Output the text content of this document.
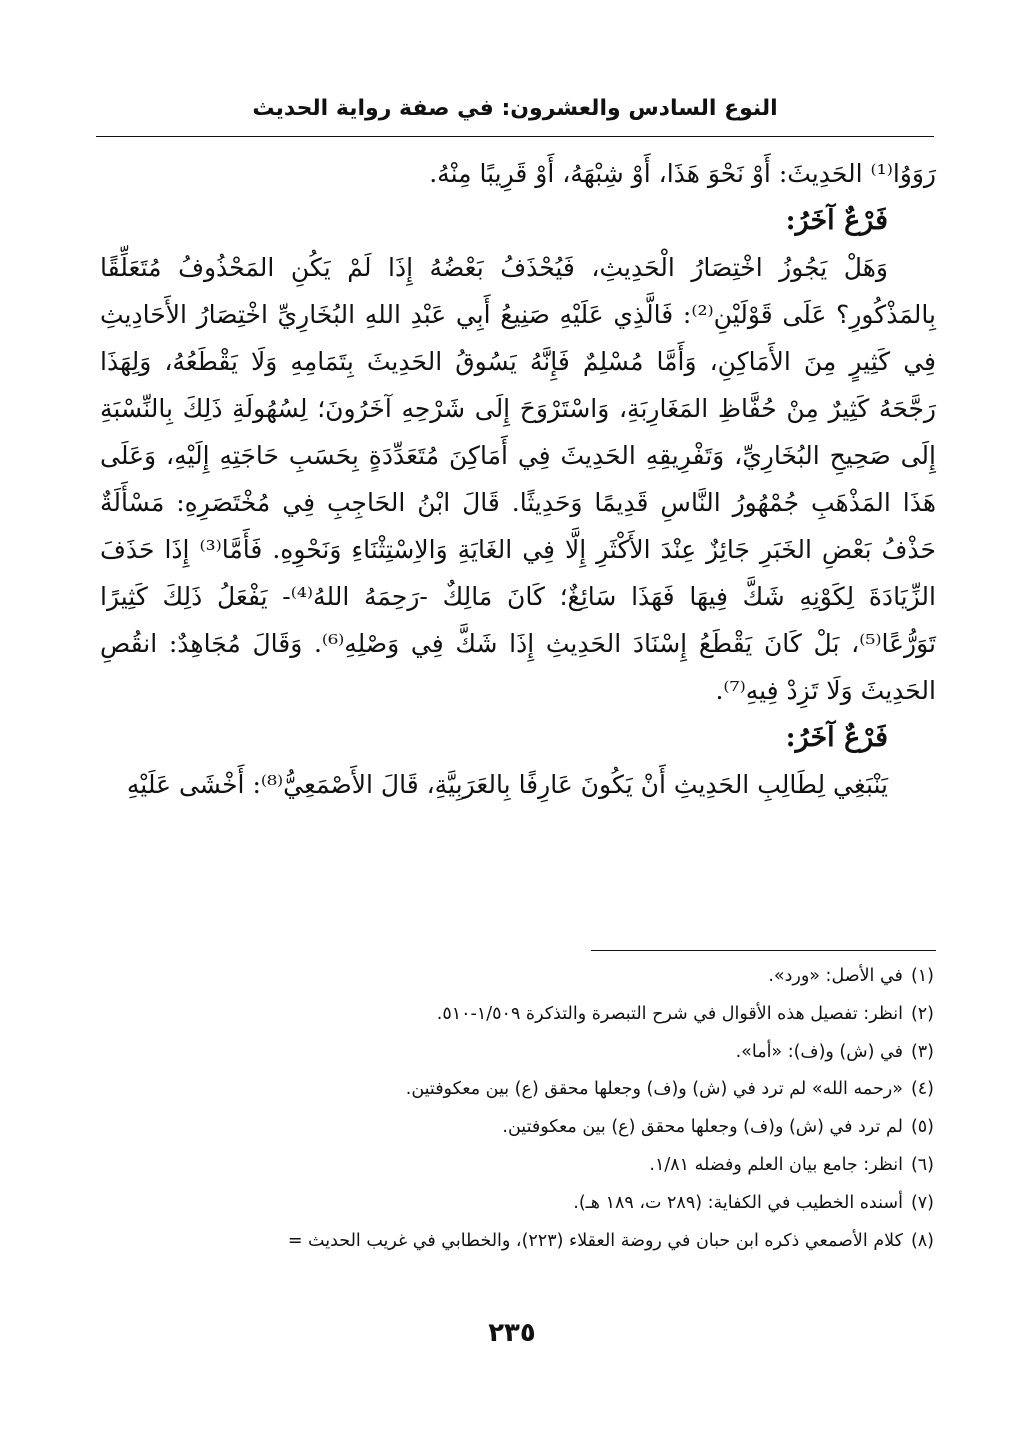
النوع السادس والعشرون: في صفة رواية الحديث

رَوَوُا⁽¹⁾ الحَدِيثَ: أَوْ نَحْوَ هَذَا، أَوْ شِبْهَهُ، أَوْ قَرِيبًا مِنْهُ.

فَرْعٌ آخَرُ:

وَهَلْ يَجُوزُ اخْتِصَارُ الْحَدِيثِ، فَيُحْذَفُ بَعْضُهُ إِذَا لَمْ يَكُنِ المَحْذُوفُ مُتَعَلِّقًا بِالمَذْكُورِ؟ عَلَى قَوْلَيْنِ⁽²⁾: فَالَّذِي عَلَيْهِ صَنِيعُ أَبِي عَبْدِ اللهِ البُخَارِيِّ اخْتِصَارُ الأَحَادِيثِ فِي كَثِيرٍ مِنَ الأَمَاكِنِ، وَأَمَّا مُسْلِمٌ فَإِنَّهُ يَسُوقُ الحَدِيثَ بِتَمَامِهِ وَلَا يَقْطَعُهُ، وَلِهَذَا رَجَّحَهُ كَثِيرٌ مِنْ حُفَّاظِ المَغَارِبَةِ، وَاسْتَرْوَحَ إِلَى شَرْحِهِ آخَرُونَ؛ لِسُهُولَةِ ذَلِكَ بِالنِّسْبَةِ إِلَى صَحِيحِ البُخَارِيِّ، وَتَفْرِيقِهِ الحَدِيثَ فِي أَمَاكِنَ مُتَعَدِّدَةٍ بِحَسَبِ حَاجَتِهِ إِلَيْهِ، وَعَلَى هَذَا المَذْهَبِ جُمْهُورُ النَّاسِ قَدِيمًا وَحَدِيثًا. قَالَ ابْنُ الحَاجِبِ فِي مُخْتَصَرِهِ: مَسْأَلَةٌ حَذْفُ بَعْضِ الخَبَرِ جَائِزٌ عِنْدَ الأَكْثَرِ إِلَّا فِي الغَايَةِ وَالاِسْتِثْنَاءِ وَنَحْوِهِ. فَأَمَّا⁽³⁾ إِذَا حَذَفَ الزِّيَادَةَ لِكَوْنِهِ شَكَّ فِيهَا فَهَذَا سَائِغٌ؛ كَانَ مَالِكٌ -رَحِمَهُ اللهُ⁽⁴⁾- يَفْعَلُ ذَلِكَ كَثِيرًا تَوَرُّعًا⁽⁵⁾، بَلْ كَانَ يَقْطَعُ إِسْنَادَ الحَدِيثِ إِذَا شَكَّ فِي وَصْلِهِ⁽⁶⁾. وَقَالَ مُجَاهِدٌ: انقُصِ الحَدِيثَ وَلَا تَزِدْ فِيهِ⁽⁷⁾.

فَرْعٌ آخَرُ:

يَنْبَغِي لِطَالِبِ الحَدِيثِ أَنْ يَكُونَ عَارِفًا بِالعَرَبِيَّةِ، قَالَ الأَصْمَعِيُّ⁽⁸⁾: أَخْشَى عَلَيْهِ

(١)في الأصل: «ورد».

(٢)انظر: تفصيل هذه الأقوال في شرح التبصرة والتذكرة ١/٥٠٩-٥١٠.

(٣)في (ش) و(ف): «أما».

(٤)«رحمه الله» لم ترد في (ش) و(ف) وجعلها محقق (ع) بين معكوفتين.

(٥)لم ترد في (ش) و(ف) وجعلها محقق (ع) بين معكوفتين.

(٦)انظر: جامع بيان العلم وفضله ١/٨١.

(٧)أسنده الخطيب في الكفاية: (٢٨٩ ت، ١٨٩ هـ).

(٨)كلام الأصمعي ذكره ابن حبان في روضة العقلاء (٢٢٣)، والخطابي في غريب الحديث =

٢٣٥
